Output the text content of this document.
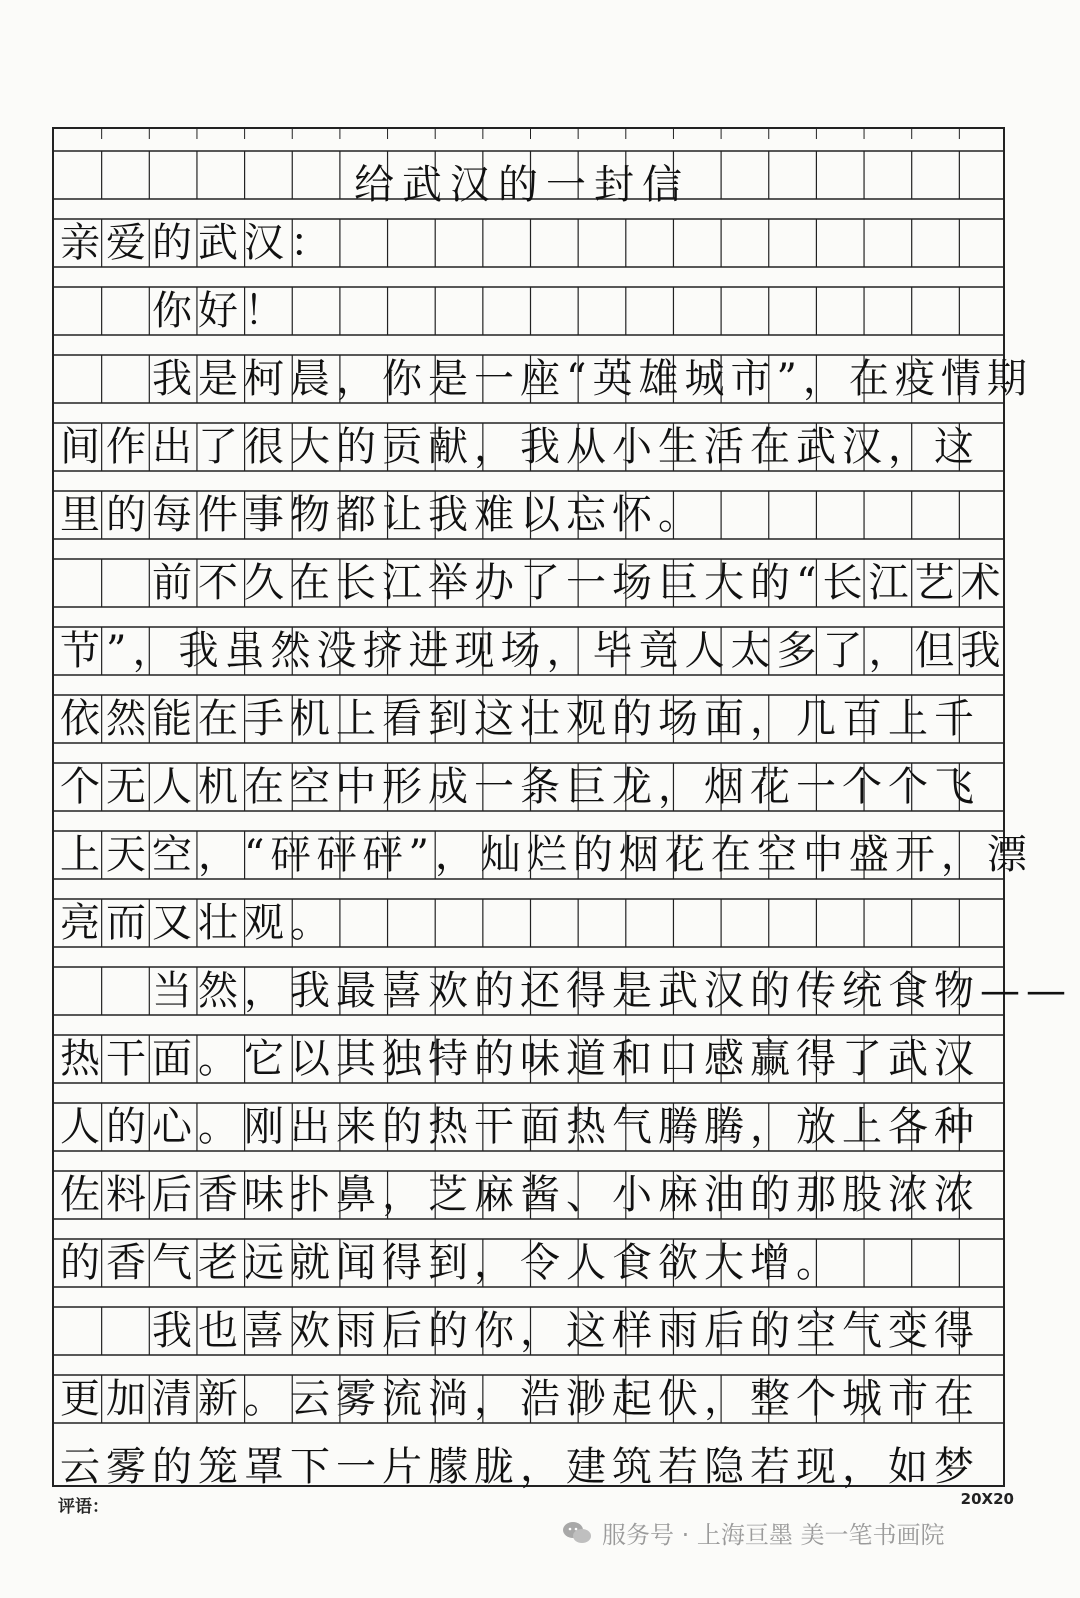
给武汉的一封信
亲爱的武汉：
　　你好！
　　我是柯晨，你是一座“英雄城市”，在疫情期
间作出了很大的贡献，我从小生活在武汉，这
里的每件事物都让我难以忘怀。
　　前不久在长江举办了一场巨大的“长江艺术
节”，我虽然没挤进现场，毕竟人太多了，但我
依然能在手机上看到这壮观的场面，几百上千
个无人机在空中形成一条巨龙，烟花一个个飞
上天空，“砰砰砰”，灿烂的烟花在空中盛开，漂
亮而又壮观。
　　当然，我最喜欢的还得是武汉的传统食物——
热干面。它以其独特的味道和口感赢得了武汉
人的心。刚出来的热干面热气腾腾，放上各种
佐料后香味扑鼻，芝麻酱、小麻油的那股浓浓
的香气老远就闻得到，令人食欲大增。
　　我也喜欢雨后的你，这样雨后的空气变得
更加清新。云雾流淌，浩渺起伏，整个城市在
云雾的笼罩下一片朦胧，建筑若隐若现，如梦
评语：	20X20
服务号 · 上海亘墨 美一笔书画院
